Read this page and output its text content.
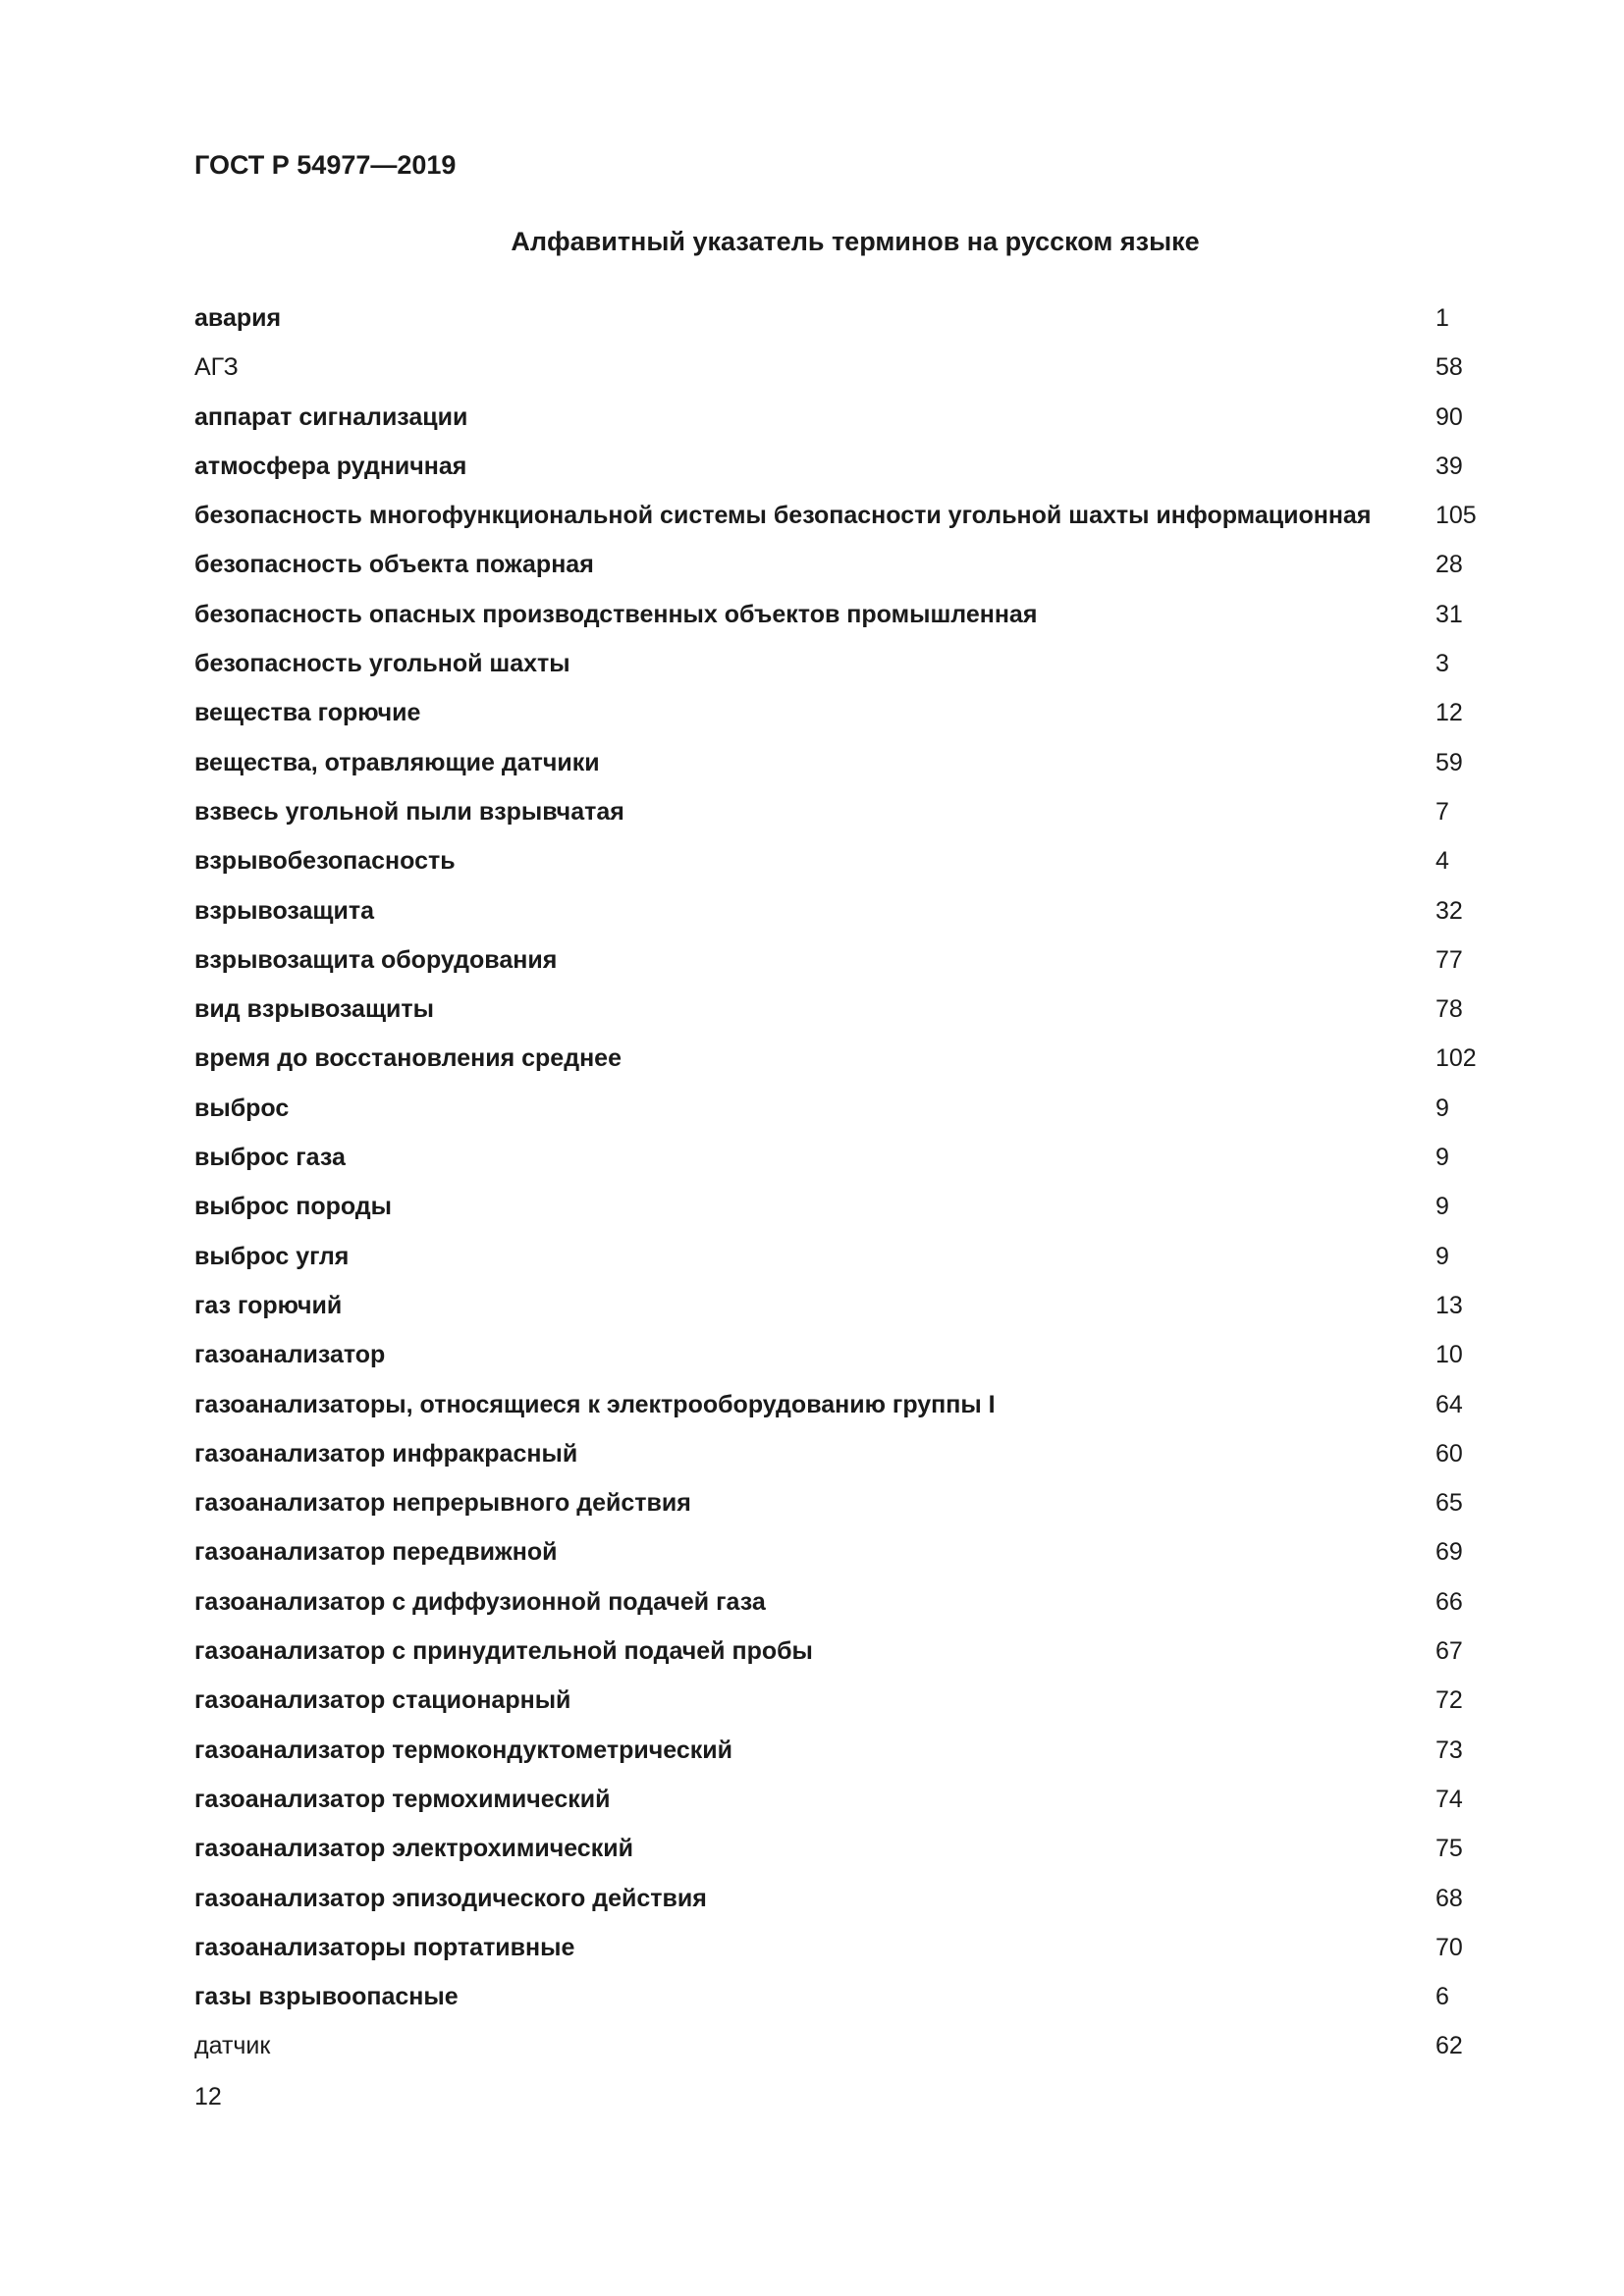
ГОСТ Р 54977—2019

Алфавитный указатель терминов на русском языке
авария	1
АГЗ	58
аппарат сигнализации	90
атмосфера рудничная	39
безопасность многофункциональной системы безопасности угольной шахты информационная	105
безопасность объекта пожарная	28
безопасность опасных производственных объектов промышленная	31
безопасность угольной шахты	3
вещества горючие	12
вещества, отравляющие датчики	59
взвесь угольной пыли взрывчатая	7
взрывобезопасность	4
взрывозащита	32
взрывозащита оборудования	77
вид взрывозащиты	78
время до восстановления среднее	102
выброс	9
выброс газа	9
выброс породы	9
выброс угля	9
газ горючий	13
газоанализатор	10
газоанализаторы, относящиеся к электрооборудованию группы I	64
газоанализатор инфракрасный	60
газоанализатор непрерывного действия	65
газоанализатор передвижной	69
газоанализатор с диффузионной подачей газа	66
газоанализатор с принудительной подачей пробы	67
газоанализатор стационарный	72
газоанализатор термокондуктометрический	73
газоанализатор термохимический	74
газоанализатор электрохимический	75
газоанализатор эпизодического действия	68
газоанализаторы портативные	70
газы взрывоопасные	6
датчик	62

12
